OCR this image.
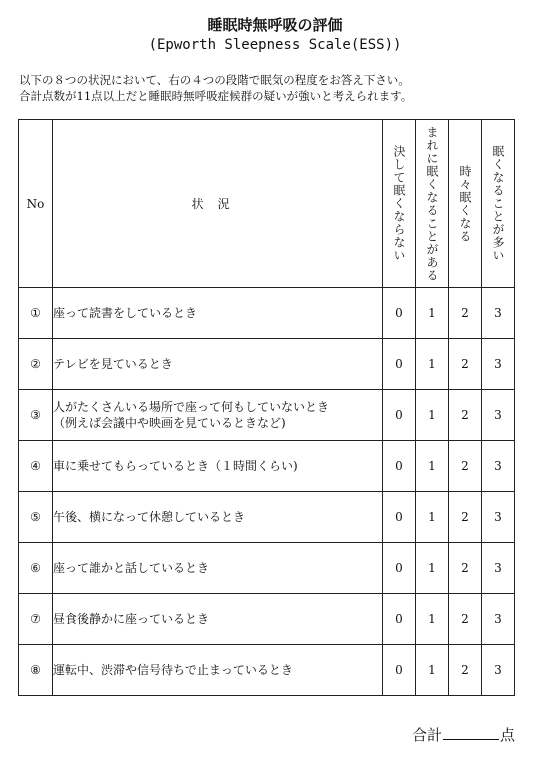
睡眠時無呼吸の評価
(Epworth Sleepness Scale(ESS))
以下の８つの状況において、右の４つの段階で眠気の程度をお答え下さい。
合計点数が11点以上だと睡眠時無呼吸症候群の疑いが強いと考えられます。
No	状況	決して眠くならない	まれに眠くなることがある	時々眠くなる	眠くなることが多い

①	座って読書をしているとき	0	1	2	3
②	テレビを見ているとき	0	1	2	3
③	人がたくさんいる場所で座って何もしていないとき
（例えば会議中や映画を見ているときなど)	0	1	2	3
④	車に乗せてもらっているとき（１時間くらい)	0	1	2	3
⑤	午後、横になって休憩しているとき	0	1	2	3
⑥	座って誰かと話しているとき	0	1	2	3
⑦	昼食後静かに座っているとき	0	1	2	3
⑧	運転中、渋滞や信号待ちで止まっているとき	0	1	2	3
合計	点
